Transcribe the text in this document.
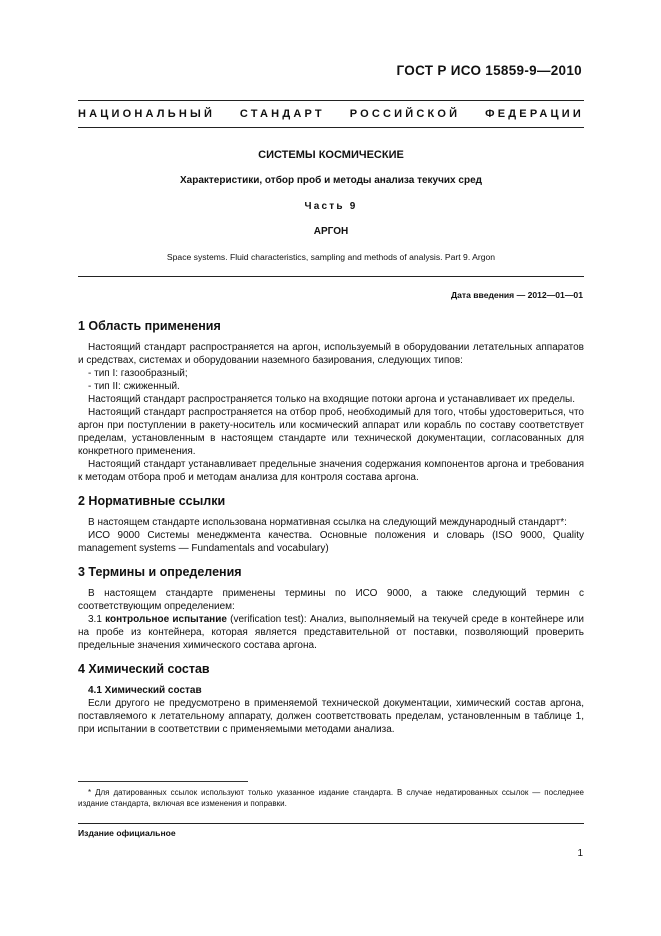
ГОСТ Р ИСО 15859-9—2010
НАЦИОНАЛЬНЫЙ СТАНДАРТ РОССИЙСКОЙ ФЕДЕРАЦИИ
СИСТЕМЫ КОСМИЧЕСКИЕ
Характеристики, отбор проб и методы анализа текучих сред
Часть 9
АРГОН
Space systems. Fluid characteristics, sampling and methods of analysis. Part 9. Argon
Дата введения — 2012—01—01
1 Область применения

Настоящий стандарт распространяется на аргон, используемый в оборудовании летательных аппаратов и средствах, системах и оборудовании наземного базирования, следующих типов:

- тип I: газообразный;
- тип II: сжиженный.

Настоящий стандарт распространяется только на входящие потоки аргона и устанавливает их пределы.

Настоящий стандарт распространяется на отбор проб, необходимый для того, чтобы удостовериться, что аргон при поступлении в ракету-носитель или космический аппарат или корабль по составу соответствует пределам, установленным в настоящем стандарте или технической документации, согласованных для конкретного применения.

Настоящий стандарт устанавливает предельные значения содержания компонентов аргона и требования к методам отбора проб и методам анализа для контроля состава аргона.

2 Нормативные ссылки

В настоящем стандарте использована нормативная ссылка на следующий международный стандарт*:

ИСО 9000 Системы менеджмента качества. Основные положения и словарь (ISO 9000, Quality management systems — Fundamentals and vocabulary)

3 Термины и определения

В настоящем стандарте применены термины по ИСО 9000, а также следующий термин с соответствующим определением:

3.1 контрольное испытание (verification test): Анализ, выполняемый на текучей среде в контейнере или на пробе из контейнера, которая является представительной от поставки, позволяющий проверить предельные значения химического состава аргона.

4 Химический состав
4.1 Химический состав

Если другого не предусмотрено в применяемой технической документации, химический состав аргона, поставляемого к летательному аппарату, должен соответствовать пределам, установленным в таблице 1, при испытании в соответствии с применяемыми методами анализа.

* Для датированных ссылок используют только указанное издание стандарта. В случае недатированных ссылок — последнее издание стандарта, включая все изменения и поправки.
Издание официальное
1
